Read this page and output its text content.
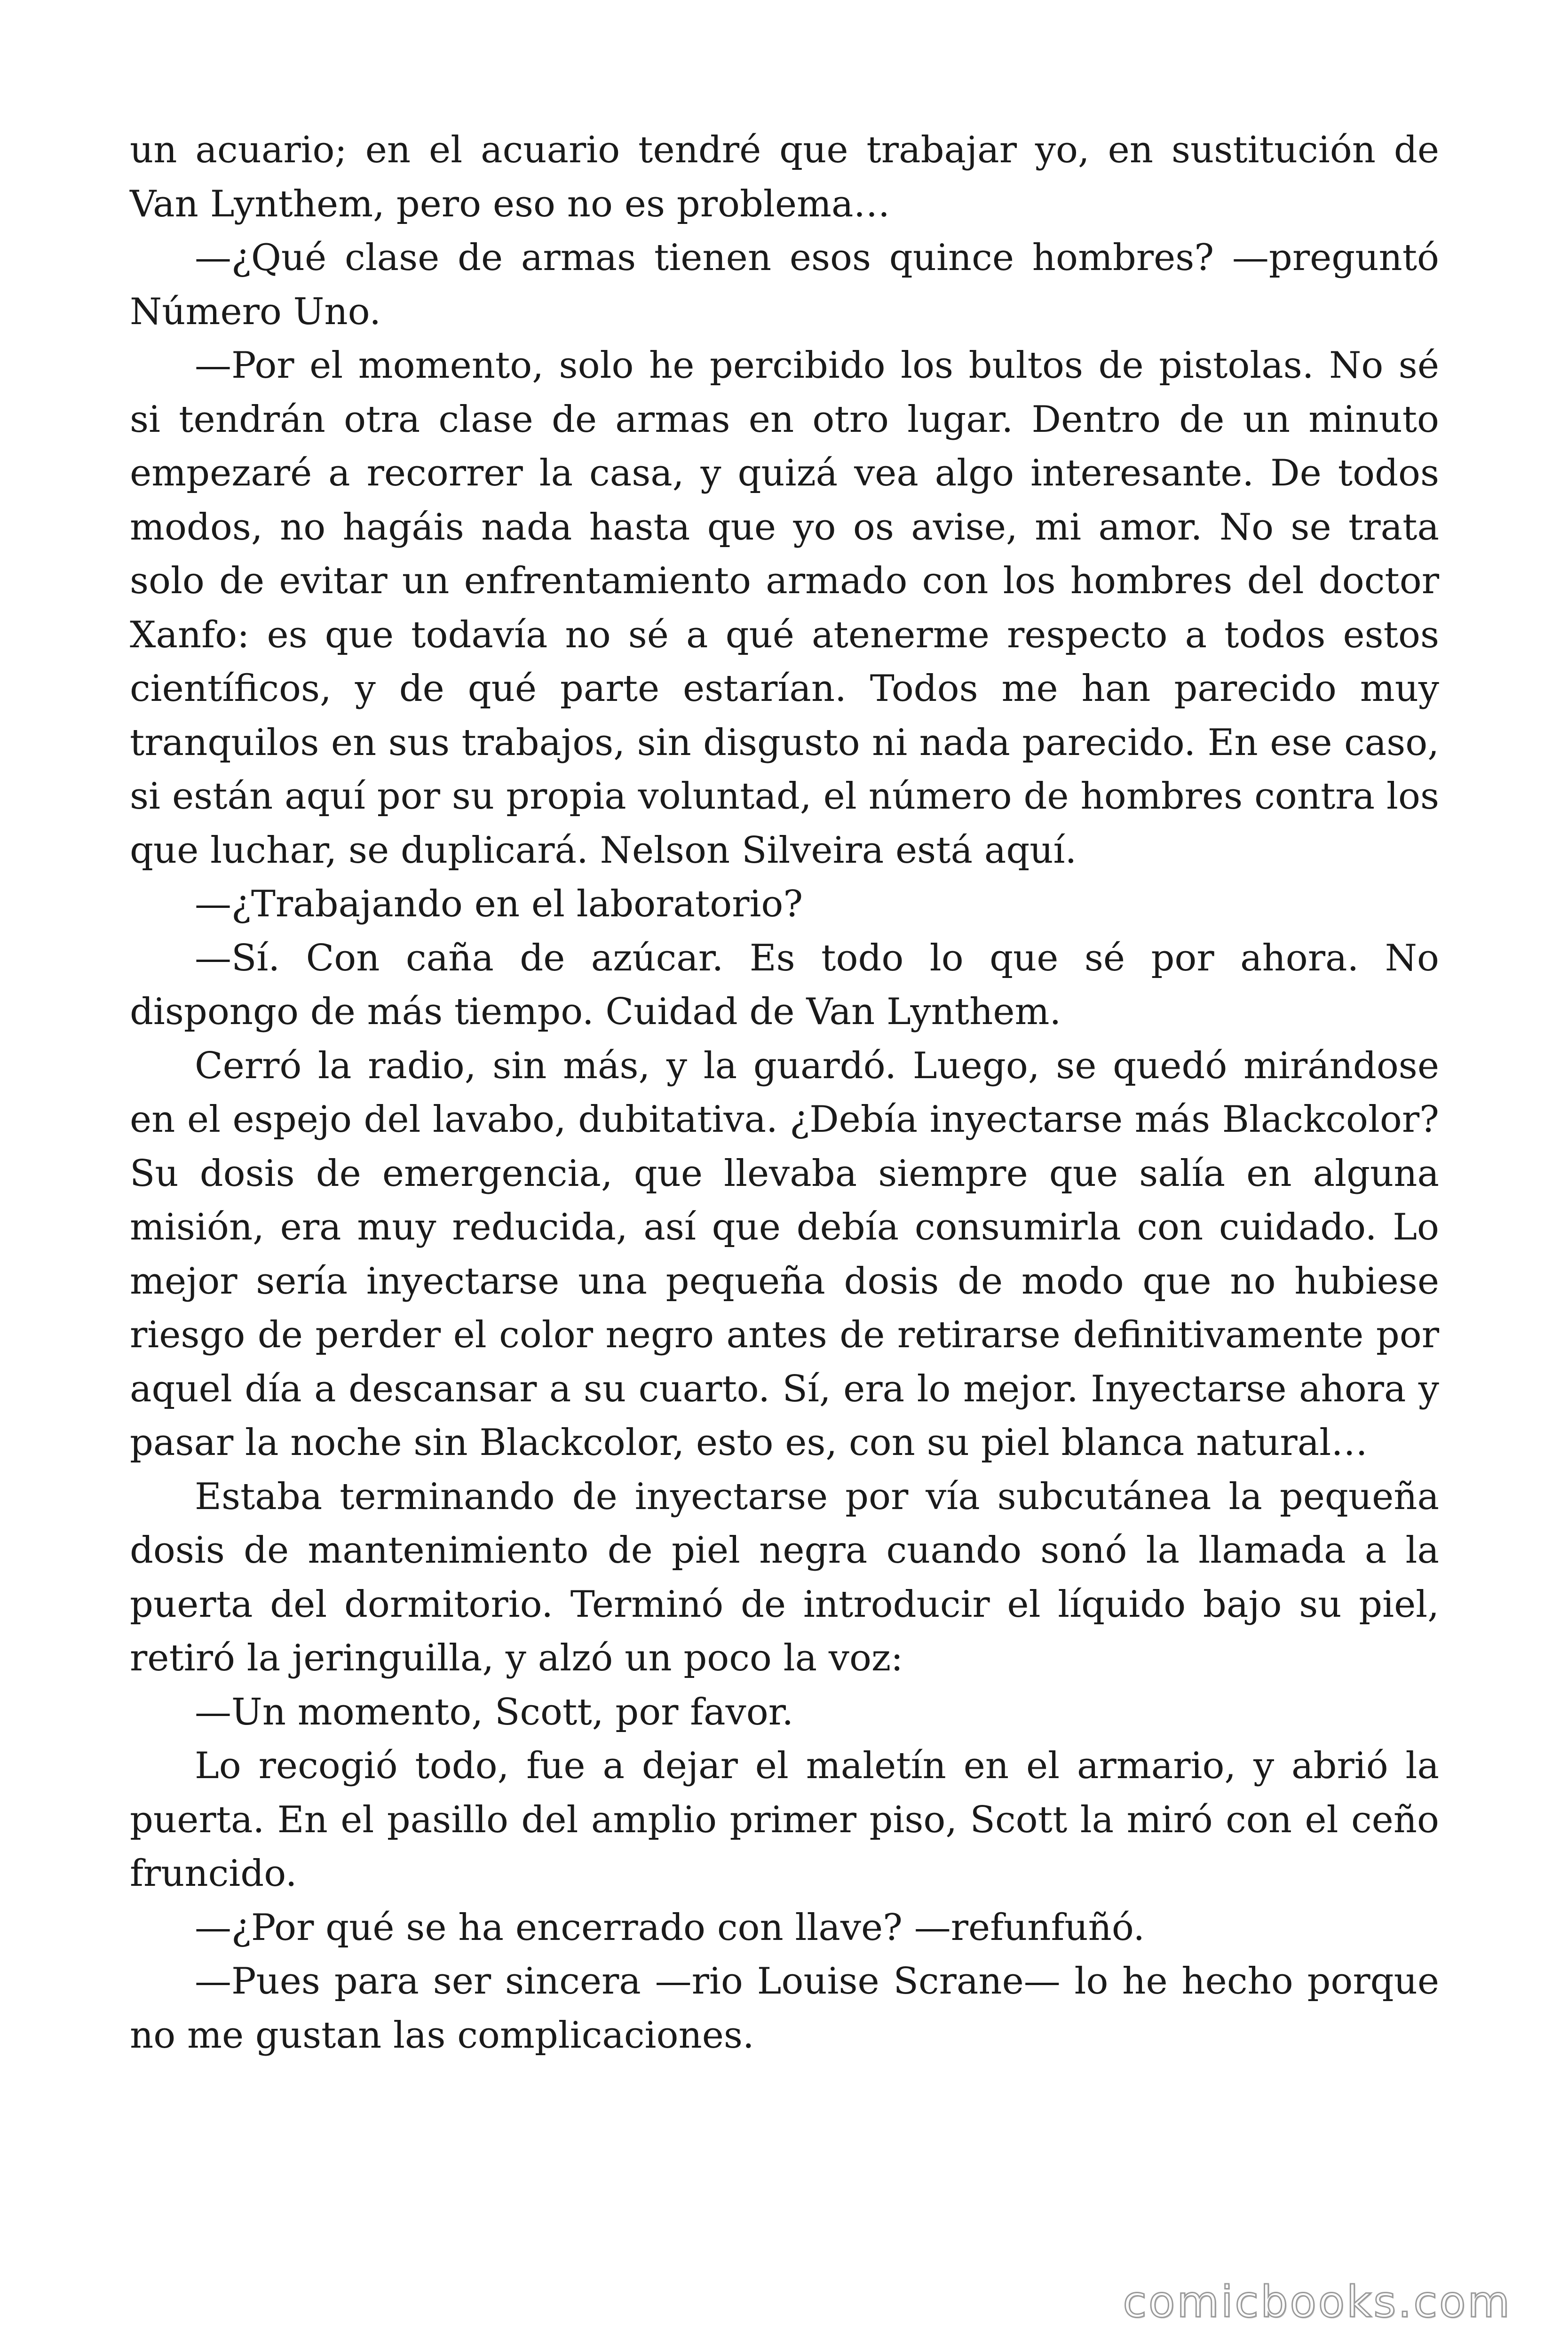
un acuario; en el acuario tendré que trabajar yo, en sustitución de Van Lynthem, pero eso no es problema…

—¿Qué clase de armas tienen esos quince hombres? —preguntó Número Uno.

—Por el momento, solo he percibido los bultos de pistolas. No sé si tendrán otra clase de armas en otro lugar. Dentro de un minuto empezaré a recorrer la casa, y quizá vea algo interesante. De todos modos, no hagáis nada hasta que yo os avise, mi amor. No se trata solo de evitar un enfrentamiento armado con los hombres del doctor Xanfo: es que todavía no sé a qué atenerme respecto a todos estos científicos, y de qué parte estarían. Todos me han parecido muy tranquilos en sus trabajos, sin disgusto ni nada parecido. En ese caso, si están aquí por su propia voluntad, el número de hombres contra los que luchar, se duplicará. Nelson Silveira está aquí.

—¿Trabajando en el laboratorio?

—Sí. Con caña de azúcar. Es todo lo que sé por ahora. No dispongo de más tiempo. Cuidad de Van Lynthem.

Cerró la radio, sin más, y la guardó. Luego, se quedó mirándose en el espejo del lavabo, dubitativa. ¿Debía inyectarse más Blackcolor? Su dosis de emergencia, que llevaba siempre que salía en alguna misión, era muy reducida, así que debía consumirla con cuidado. Lo mejor sería inyectarse una pequeña dosis de modo que no hubiese riesgo de perder el color negro antes de retirarse definitivamente por aquel día a descansar a su cuarto. Sí, era lo mejor. Inyectarse ahora y pasar la noche sin Blackcolor, esto es, con su piel blanca natural…

Estaba terminando de inyectarse por vía subcutánea la pequeña dosis de mantenimiento de piel negra cuando sonó la llamada a la puerta del dormitorio. Terminó de introducir el líquido bajo su piel, retiró la jeringuilla, y alzó un poco la voz:

—Un momento, Scott, por favor.

Lo recogió todo, fue a dejar el maletín en el armario, y abrió la puerta. En el pasillo del amplio primer piso, Scott la miró con el ceño fruncido.

—¿Por qué se ha encerrado con llave? —refunfuñó.

—Pues para ser sincera —rio Louise Scrane— lo he hecho porque no me gustan las complicaciones.

comicbooks.com
